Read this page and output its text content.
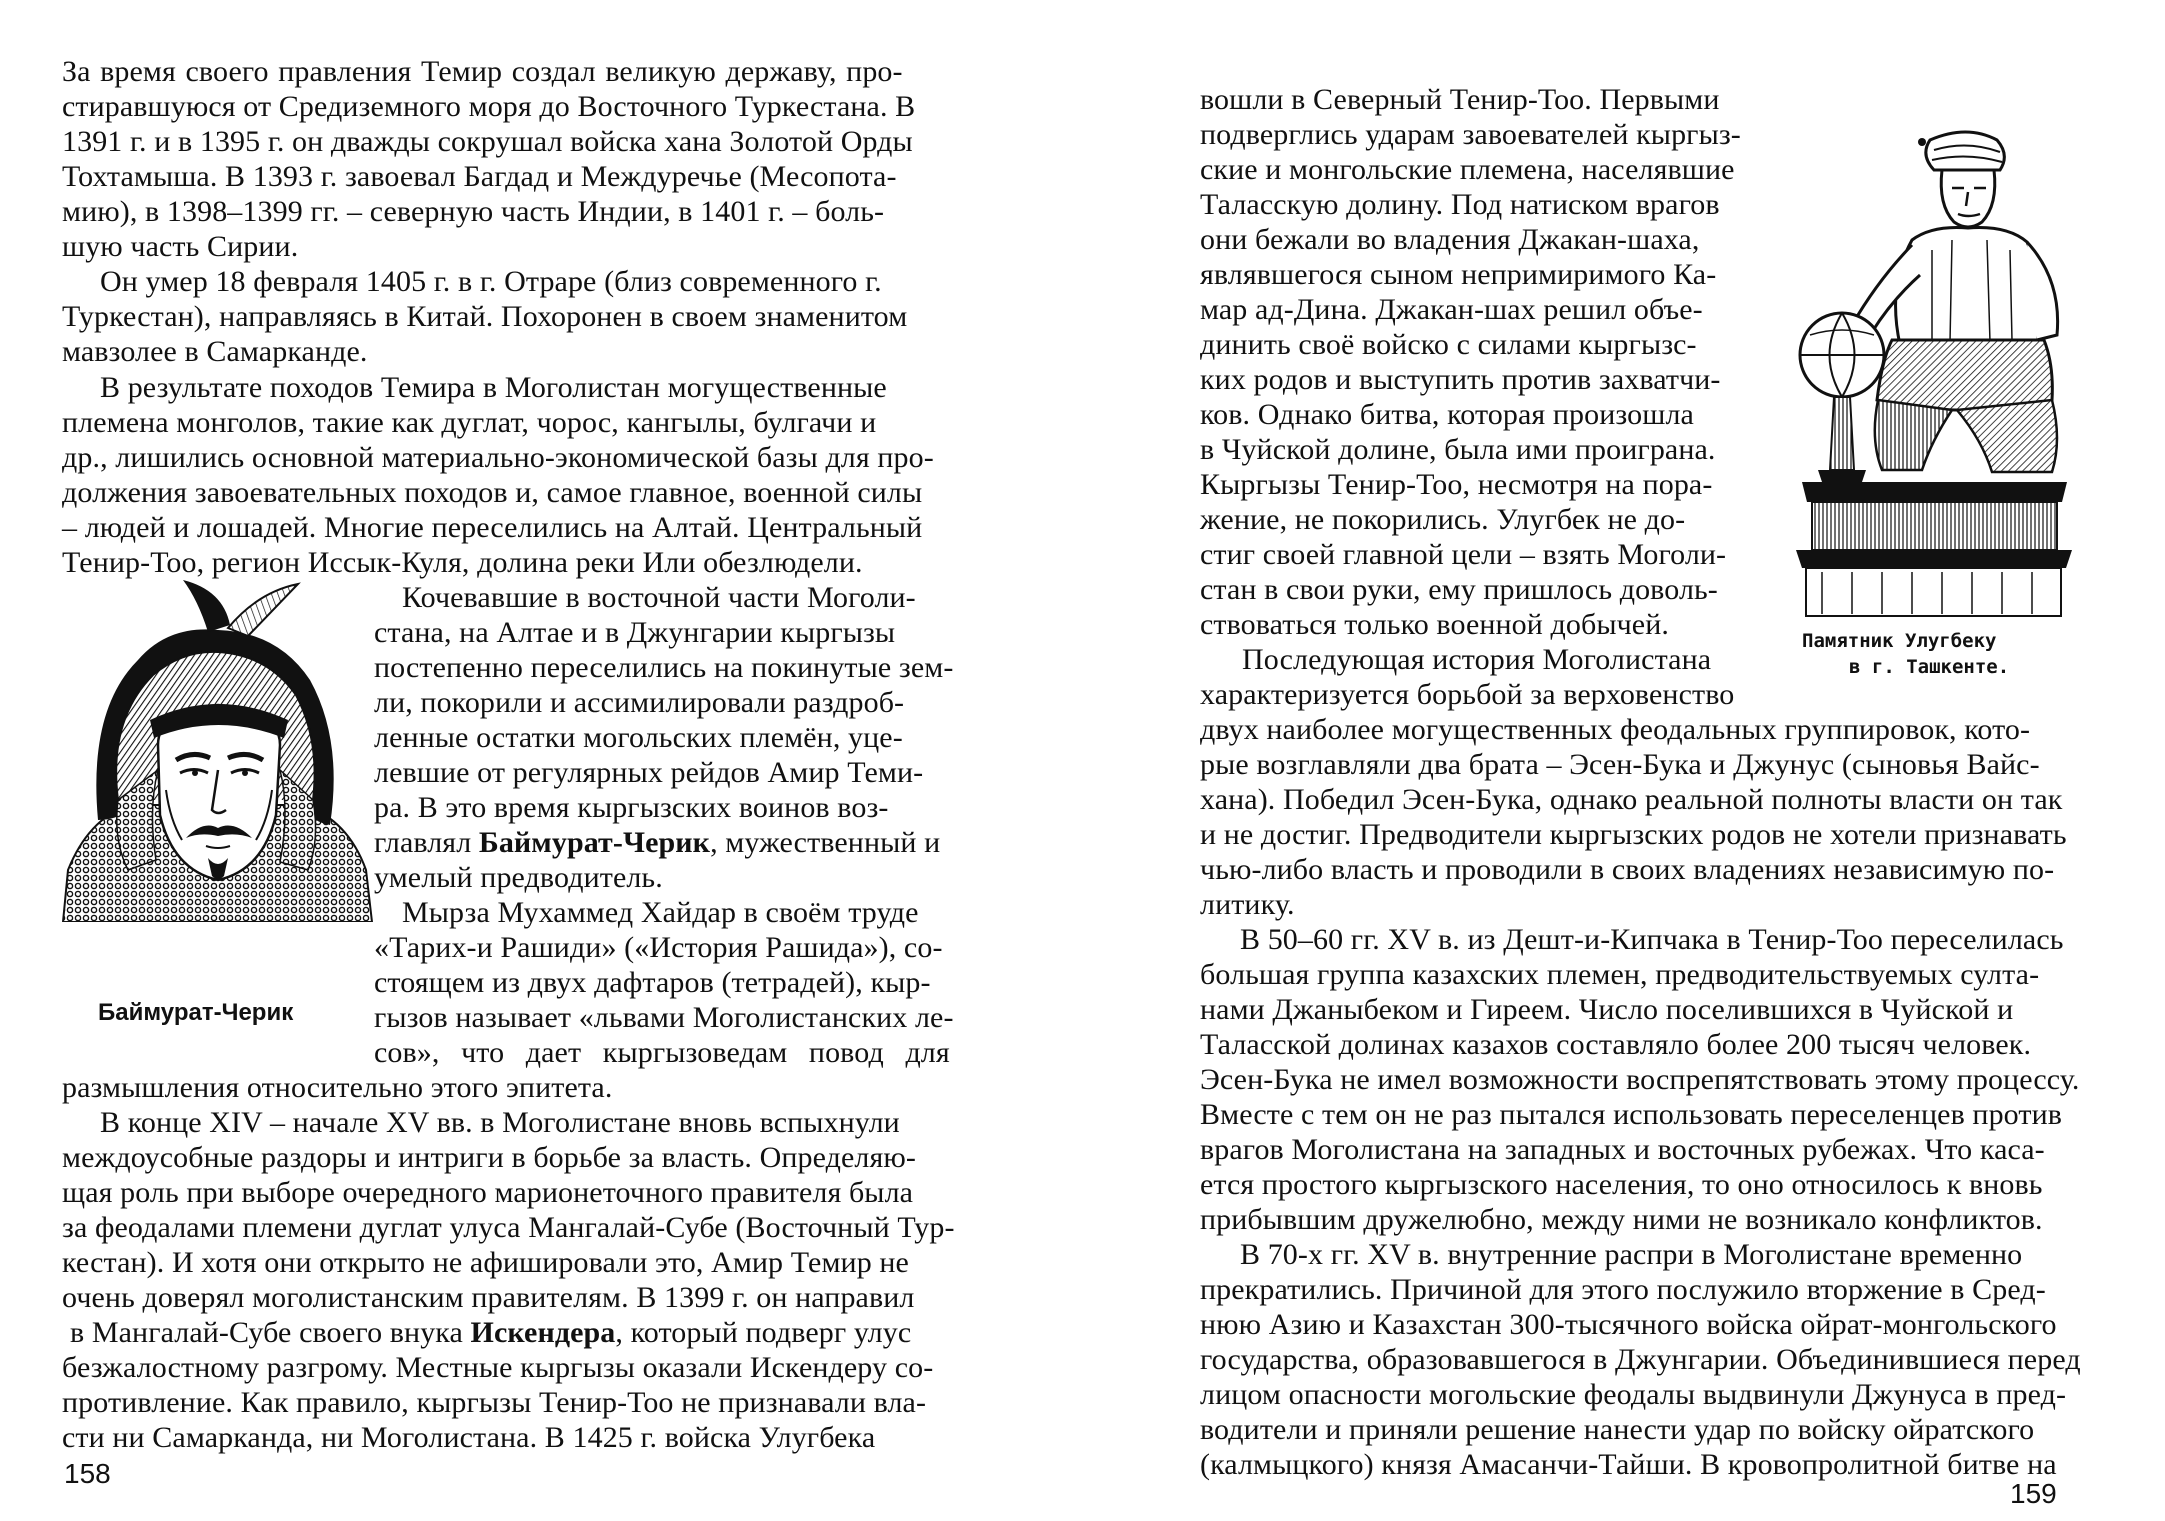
За время своего правления Темир создал великую державу, про-

стиравшуюся от Средиземного моря до Восточного Туркестана. В

1391 г. и в 1395 г. он дважды сокрушал войска хана Золотой Орды

Тохтамыша. В 1393 г. завоевал Багдад и Междуречье (Месопота-

мию), в 1398–1399 гг. – северную часть Индии, в 1401 г. – боль-

шую часть Сирии.

Он умер 18 февраля 1405 г. в г. Отраре (близ современного г.

Туркестан), направляясь в Китай. Похоронен в своем знаменитом

мавзолее в Самарканде.

В результате походов Темира в Моголистан могущественные

племена монголов, такие как дуглат, чорос, кангылы, булгачи и

др., лишились основной материально-экономической базы для про-

должения завоевательных походов и, самое главное, военной силы

– людей и лошадей. Многие переселились на Алтай. Центральный

Тенир-Тоо, регион Иссык-Куля, долина реки Или обезлюдели.

Кочевавшие в восточной части Моголи-

стана, на Алтае и в Джунгарии кыргызы

постепенно переселились на покинутые зем-

ли, покорили и ассимилировали раздроб-

ленные остатки могольских племён, уце-

левшие от регулярных рейдов Амир Теми-

ра. В это время кыргызских воинов воз-

главлял Баймурат-Черик, мужественный и

умелый предводитель.

Мырза Мухаммед Хайдар в своём труде

«Тарих-и Рашиди» («История Рашида»), со-

стоящем из двух дафтаров (тетрадей), кыр-

гызов называет «львами Моголистанских ле-

сов», что дает кыргызоведам повод для

Баймурат-Черик

размышления относительно этого эпитета.

В конце XIV – начале XV вв. в Моголистане вновь вспыхнули

междоусобные раздоры и интриги в борьбе за власть. Определяю-

щая роль при выборе очередного марионеточного правителя была

за феодалами племени дуглат улуса Мангалай-Субе (Восточный Тур-

кестан). И хотя они открыто не афишировали это, Амир Темир не

очень доверял моголистанским правителям. В 1399 г. он направил

в Мангалай-Субе своего внука Искендера, который подверг улус

безжалостному разгрому. Местные кыргызы оказали Искендеру со-

противление. Как правило, кыргызы Тенир-Тоо не признавали вла-

сти ни Самарканда, ни Моголистана. В 1425 г. войска Улугбека

158

вошли в Северный Тенир-Тоо. Первыми

подверглись ударам завоевателей кыргыз-

ские и монгольские племена, населявшие

Таласскую долину. Под натиском врагов

они бежали во владения Джакан-шаха,

являвшегося сыном непримиримого Ка-

мар ад-Дина. Джакан-шах решил объе-

динить своё войско с силами кыргызс-

ких родов и выступить против захватчи-

ков. Однако битва, которая произошла

в Чуйской долине, была ими проиграна.

Кыргызы Тенир-Тоо, несмотря на пора-

жение, не покорились. Улугбек не до-

стиг своей главной цели – взять Моголи-

стан в свои руки, ему пришлось доволь-

ствоваться только военной добычей.

Последующая история Моголистана

характеризуется борьбой за верховенство

Памятник Улугбеку

в г. Ташкенте.

двух наиболее могущественных феодальных группировок, кото-

рые возглавляли два брата – Эсен-Бука и Джунус (сыновья Вайс-

хана). Победил Эсен-Бука, однако реальной полноты власти он так

и не достиг. Предводители кыргызских родов не хотели признавать

чью-либо власть и проводили в своих владениях независимую по-

литику.

В 50–60 гг. XV в. из Дешт-и-Кипчака в Тенир-Тоо переселилась

большая группа казахских племен, предводительствуемых султа-

нами Джаныбеком и Гиреем. Число поселившихся в Чуйской и

Таласской долинах казахов составляло более 200 тысяч человек.

Эсен-Бука не имел возможности воспрепятствовать этому процессу.

Вместе с тем он не раз пытался использовать переселенцев против

врагов Моголистана на западных и восточных рубежах. Что каса-

ется простого кыргызского населения, то оно относилось к вновь

прибывшим дружелюбно, между ними не возникало конфликтов.

В 70-х гг. XV в. внутренние распри в Моголистане временно

прекратились. Причиной для этого послужило вторжение в Сред-

нюю Азию и Казахстан 300-тысячного войска ойрат-монгольского

государства, образовавшегося в Джунгарии. Объединившиеся перед

лицом опасности могольские феодалы выдвинули Джунуса в пред-

водители и приняли решение нанести удар по войску ойратского

(калмыцкого) князя Амасанчи-Тайши. В кровопролитной битве на

159
